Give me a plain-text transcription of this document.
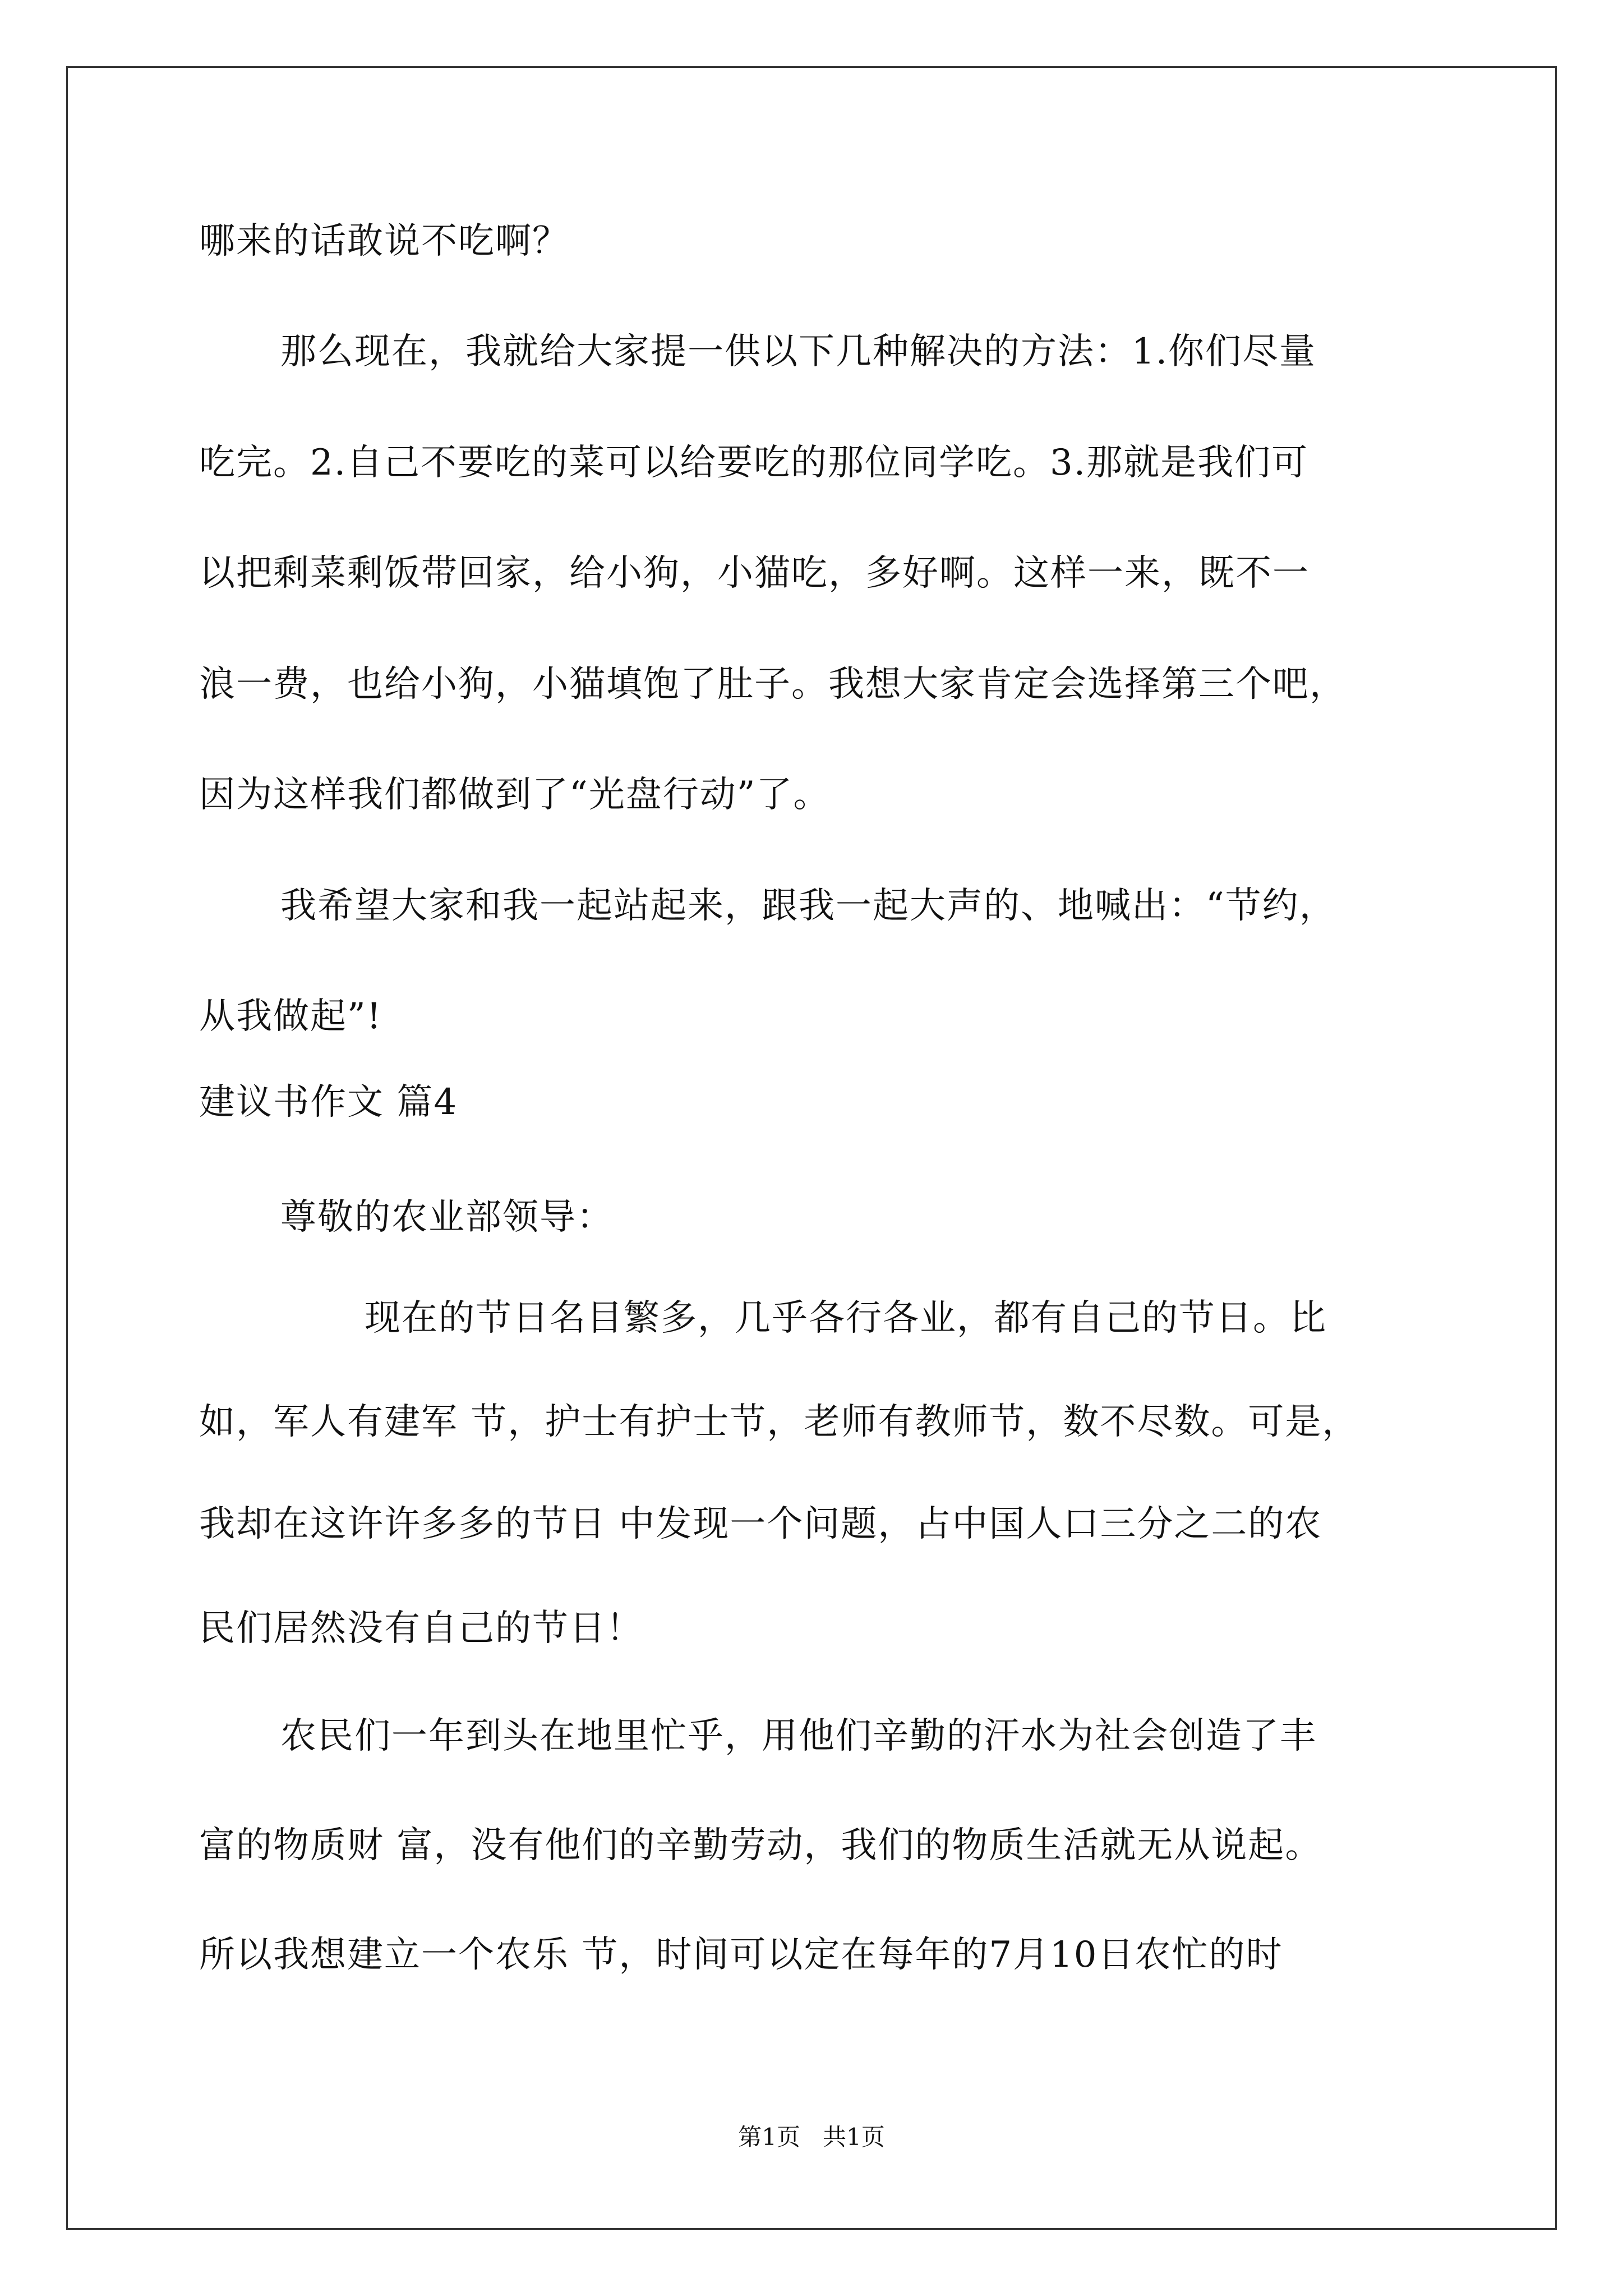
哪来的话敢说不吃啊？
那么现在，我就给大家提一供以下几种解决的方法：1.你们尽量
吃完。2.自己不要吃的菜可以给要吃的那位同学吃。3.那就是我们可
以把剩菜剩饭带回家，给小狗，小猫吃，多好啊。这样一来，既不一
浪一费，也给小狗，小猫填饱了肚子。我想大家肯定会选择第三个吧，
因为这样我们都做到了“光盘行动”了。
我希望大家和我一起站起来，跟我一起大声的、地喊出：“节约，
从我做起”!
建议书作文 篇4
尊敬的农业部领导：
现在的节日名目繁多，几乎各行各业，都有自己的节日。比
如，军人有建军 节，护士有护士节，老师有教师节，数不尽数。可是，
我却在这许许多多的节日 中发现一个问题，占中国人口三分之二的农
民们居然没有自己的节日！
农民们一年到头在地里忙乎，用他们辛勤的汗水为社会创造了丰
富的物质财 富，没有他们的辛勤劳动，我们的物质生活就无从说起。
所以我想建立一个农乐 节，时间可以定在每年的7月10日农忙的时
第1页   共1页
